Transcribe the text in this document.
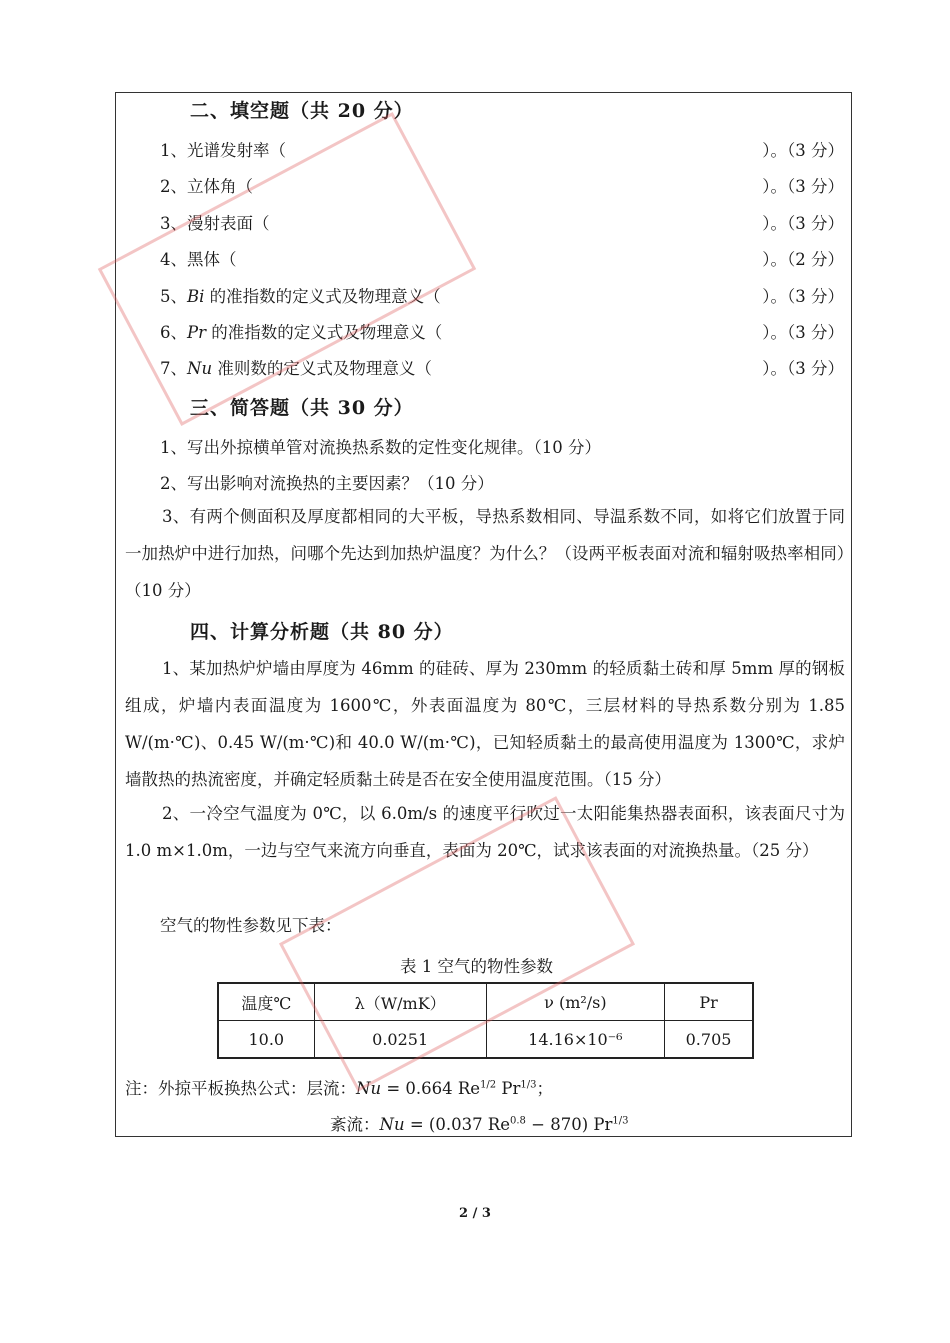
二、填空题（共 20 分）
1、光谱发射率（	）。（3 分）
2、立体角（	）。（3 分）
3、漫射表面（	）。（3 分）
4、黑体（	）。（2 分）
5、Bi 的准指数的定义式及物理意义（	）。（3 分）
6、Pr 的准指数的定义式及物理意义（	）。（3 分）
7、Nu 准则数的定义式及物理意义（	）。（3 分）
三、简答题（共 30 分）
1、写出外掠横单管对流换热系数的定性变化规律。（10 分）
2、写出影响对流换热的主要因素？（10 分）

3、有两个侧面积及厚度都相同的大平板，导热系数相同、导温系数不同，如将它们放置于同一加热炉中进行加热，问哪个先达到加热炉温度？为什么？（设两平板表面对流和辐射吸热率相同）（10 分）

四、计算分析题（共 80 分）

1、某加热炉炉墙由厚度为 46mm 的硅砖、厚为 230mm 的轻质黏土砖和厚 5mm 厚的钢板组成，炉墙内表面温度为 1600℃，外表面温度为 80℃，三层材料的导热系数分别为 1.85 W/(m·℃)、0.45 W/(m·℃)和 40.0 W/(m·℃)，已知轻质黏土的最高使用温度为 1300℃，求炉墙散热的热流密度，并确定轻质黏土砖是否在安全使用温度范围。（15 分）

2、一冷空气温度为 0℃，以 6.0m/s 的速度平行吹过一太阳能集热器表面积，该表面尺寸为 1.0 m×1.0m，一边与空气来流方向垂直，表面为 20℃，试求该表面的对流换热量。（25 分）

空气的物性参数见下表：
表 1 空气的物性参数
温度℃	λ（W/mK）	ν (m²/s)	Pr
10.0	0.0251	14.16×10⁻⁶	0.705
注：外掠平板换热公式：层流：Nu = 0.664 $Re^{1/2}$ $Pr^{1/3}$；
紊流：Nu = (0.037 $Re^{0.8} - 870$) $Pr^{1/3}$
2 / 3
